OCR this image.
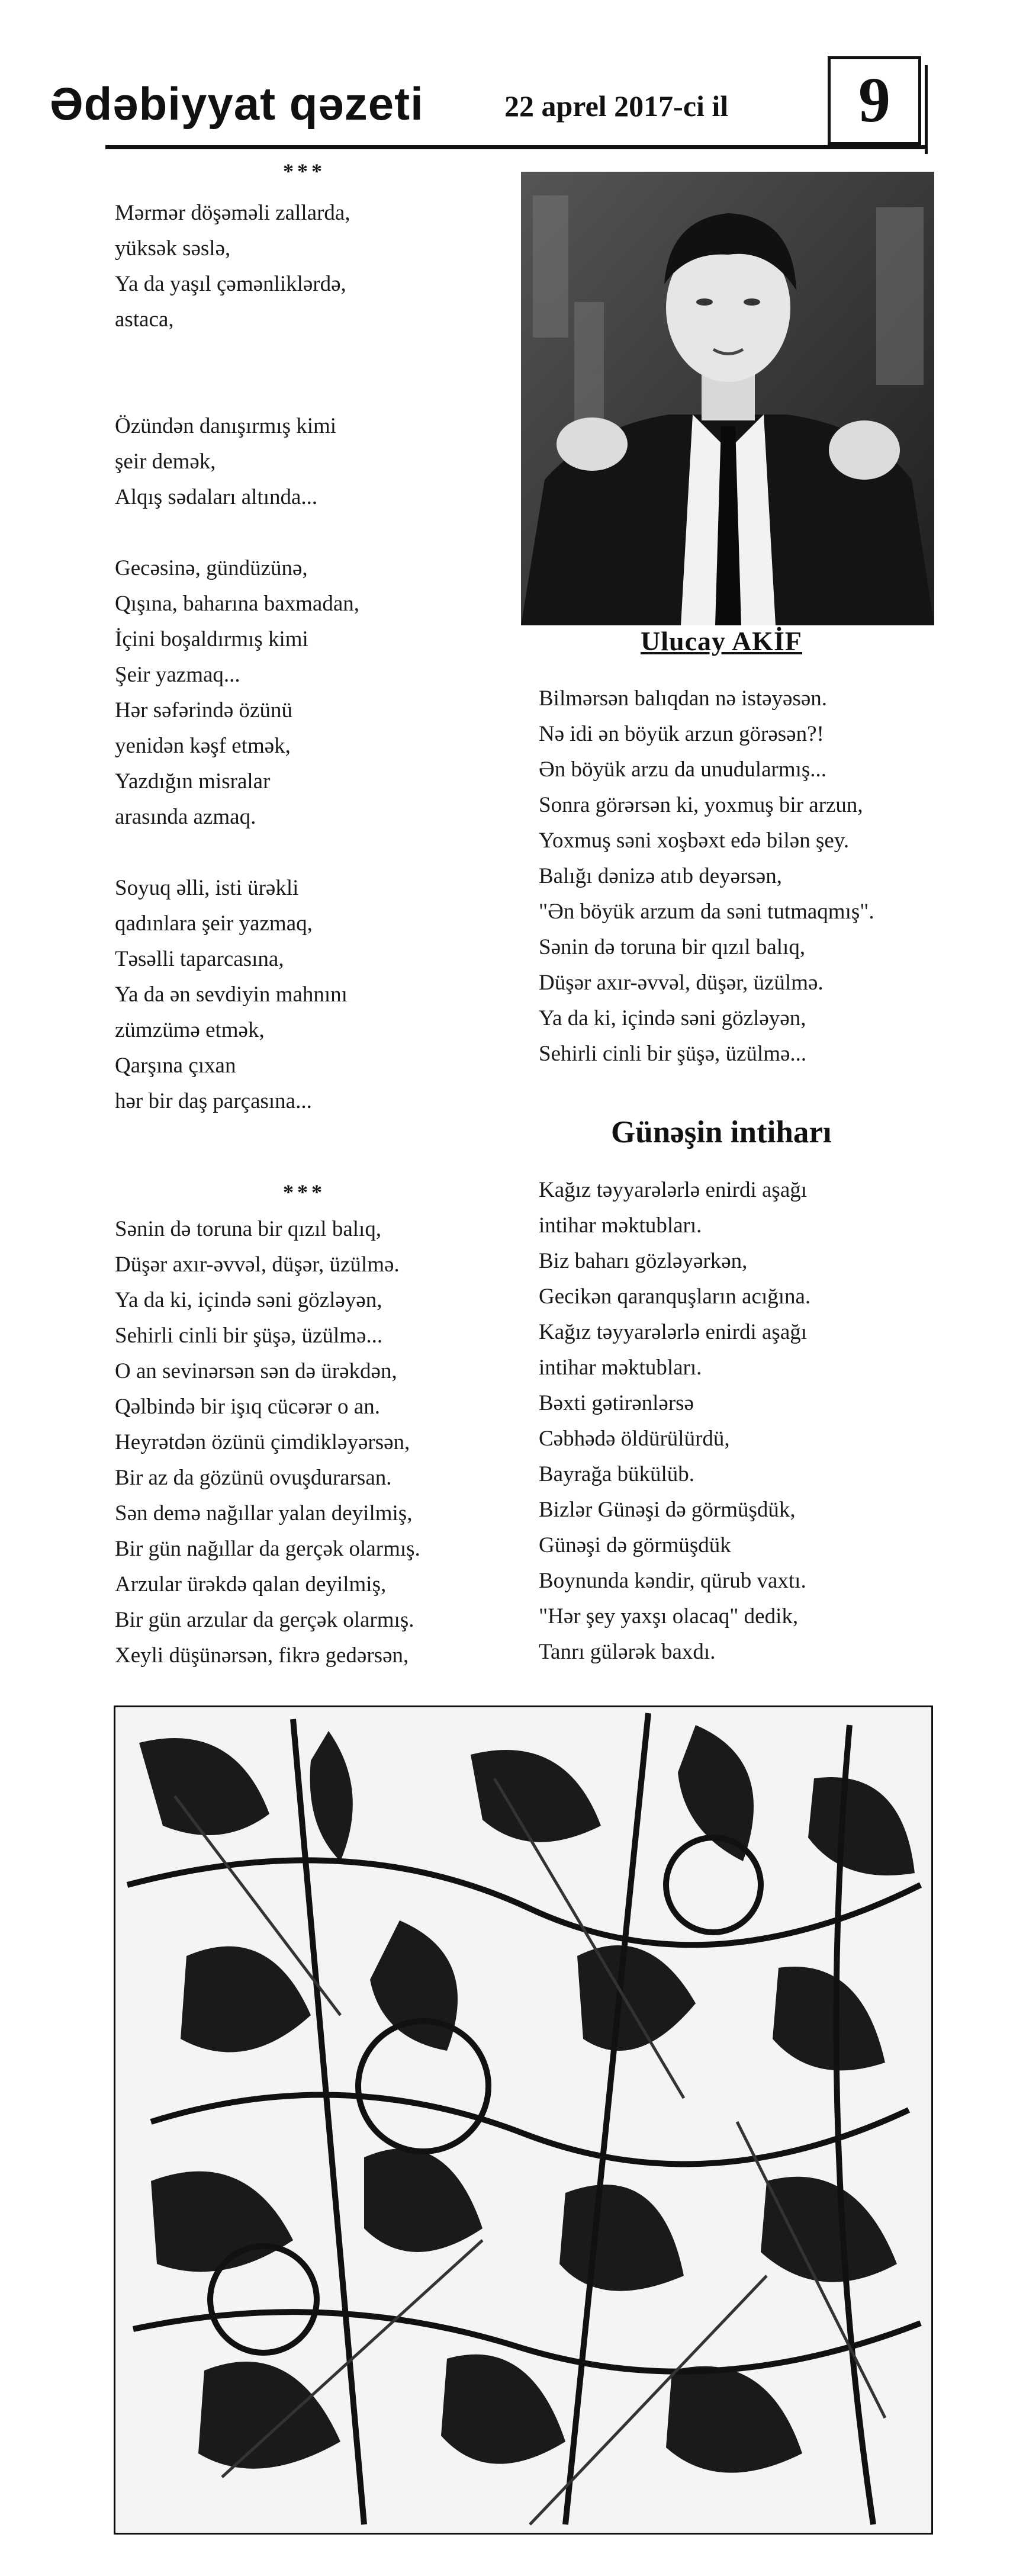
Ədəbiyyat qəzeti	22 aprel 2017-ci il 9
***
Mərmər döşəməli zallarda,
yüksək səslə,
Ya da yaşıl çəmənliklərdə,
astaca,
Özündən danışırmış kimi
şeir demək,
Alqış sədaları altında...
Gecəsinə, gündüzünə,
Qışına, baharına baxmadan,
İçini boşaldırmış kimi
Şeir yazmaq...
Hər səfərində özünü
yenidən kəşf etmək,
Yazdığın misralar
arasında azmaq.
Soyuq əlli, isti ürəkli
qadınlara şeir yazmaq,
Təsəlli taparcasına,
Ya da ən sevdiyin mahnını
zümzümə etmək,
Qarşına çıxan
hər bir daş parçasına...
***
Sənin də toruna bir qızıl balıq,
Düşər axır-əvvəl, düşər, üzülmə.
Ya da ki, içində səni gözləyən,
Sehirli cinli bir şüşə, üzülmə...
O an sevinərsən sən də ürəkdən,
Qəlbində bir işıq cücərər o an.
Heyrətdən özünü çimdikləyərsən,
Bir az da gözünü ovuşdurarsan.
Sən demə nağıllar yalan deyilmiş,
Bir gün nağıllar da gerçək olarmış.
Arzular ürəkdə qalan deyilmiş,
Bir gün arzular da gerçək olarmış.
Xeyli düşünərsən, fikrə gedərsən,
Ulucay AKİF
Bilmərsən balıqdan nə istəyəsən.
Nə idi ən böyük arzun görəsən?!
Ən böyük arzu da unudularmış...
Sonra görərsən ki, yoxmuş bir arzun,
Yoxmuş səni xoşbəxt edə bilən şey.
Balığı dənizə atıb deyərsən,
"Ən böyük arzum da səni tutmaqmış".
Sənin də toruna bir qızıl balıq,
Düşər axır-əvvəl, düşər, üzülmə.
Ya da ki, içində səni gözləyən,
Sehirli cinli bir şüşə, üzülmə...
Günəşin intiharı
Kağız təyyarələrlə enirdi aşağı
intihar məktubları.
Biz baharı gözləyərkən,
Gecikən qaranquşların acığına.
Kağız təyyarələrlə enirdi aşağı
intihar məktubları.
Bəxti gətirənlərsə
Cəbhədə öldürülürdü,
Bayrağa bükülüb.
Bizlər Günəşi də görmüşdük,
Günəşi də görmüşdük
Boynunda kəndir, qürub vaxtı.
"Hər şey yaxşı olacaq" dedik,
Tanrı gülərək baxdı.
